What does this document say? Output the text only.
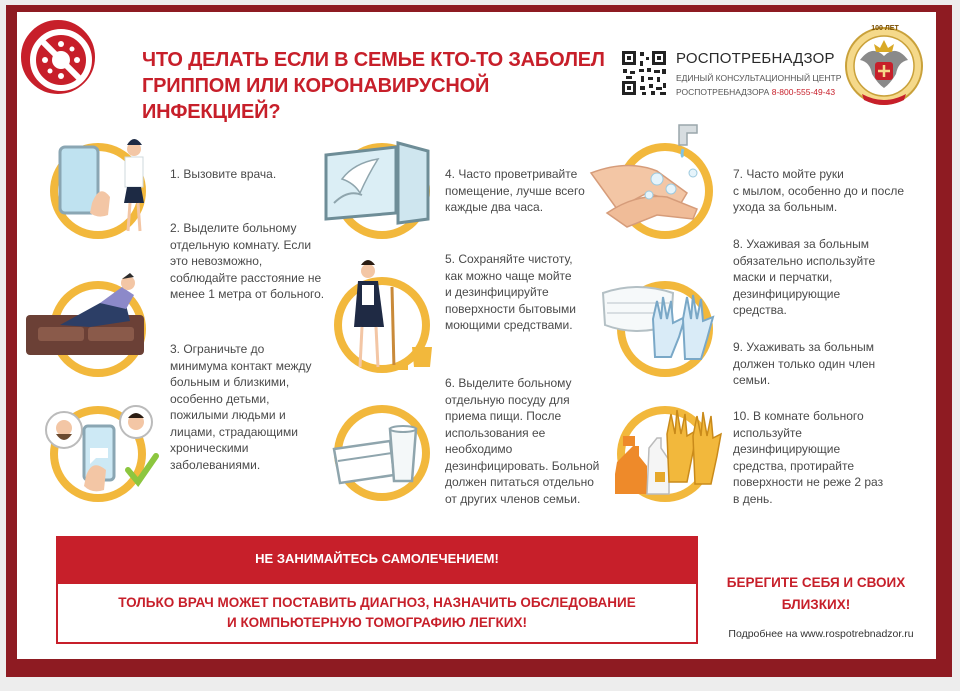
ЧТО ДЕЛАТЬ ЕСЛИ В СЕМЬЕ КТО-ТО ЗАБОЛЕЛ
ГРИППОМ ИЛИ КОРОНАВИРУСНОЙ ИНФЕКЦИЕЙ?
РОСПОТРЕБНАДЗОР
ЕДИНЫЙ КОНСУЛЬТАЦИОННЫЙ ЦЕНТР
РОСПОТРЕБНАДЗОРА 8-800-555-49-43
100 ЛЕТ
1. Вызовите врача.
2. Выделите больному
отдельную комнату. Если
это невозможно,
соблюдайте расстояние не
менее 1 метра от больного.
3. Ограничьте до
минимума контакт между
больным и близкими,
особенно детьми,
пожилыми людьми и
лицами, страдающими
хроническими
заболеваниями.
4. Часто проветривайте
помещение, лучше всего
каждые два часа.
5. Сохраняйте чистоту,
как можно чаще мойте
и дезинфицируйте
поверхности бытовыми
моющими средствами.
6. Выделите больному
отдельную посуду для
приема пищи. После
использования ее
необходимо
дезинфицировать. Больной
должен питаться отдельно
от других членов семьи.
7. Часто мойте руки
с мылом, особенно до и после
ухода за больным.
8. Ухаживая за больным
обязательно используйте
маски и перчатки,
дезинфицирующие
средства.
9. Ухаживать за больным
должен только один член
семьи.
10. В комнате больного
используйте
дезинфицирующие
средства, протирайте
поверхности не реже 2 раз
в день.
НЕ ЗАНИМАЙТЕСЬ САМОЛЕЧЕНИЕМ!
ТОЛЬКО ВРАЧ МОЖЕТ ПОСТАВИТЬ ДИАГНОЗ, НАЗНАЧИТЬ ОБСЛЕДОВАНИЕ
И КОМПЬЮТЕРНУЮ ТОМОГРАФИЮ ЛЕГКИХ!
БЕРЕГИТЕ СЕБЯ И СВОИХ
БЛИЗКИХ!
Подробнее на www.rospotrebnadzor.ru
